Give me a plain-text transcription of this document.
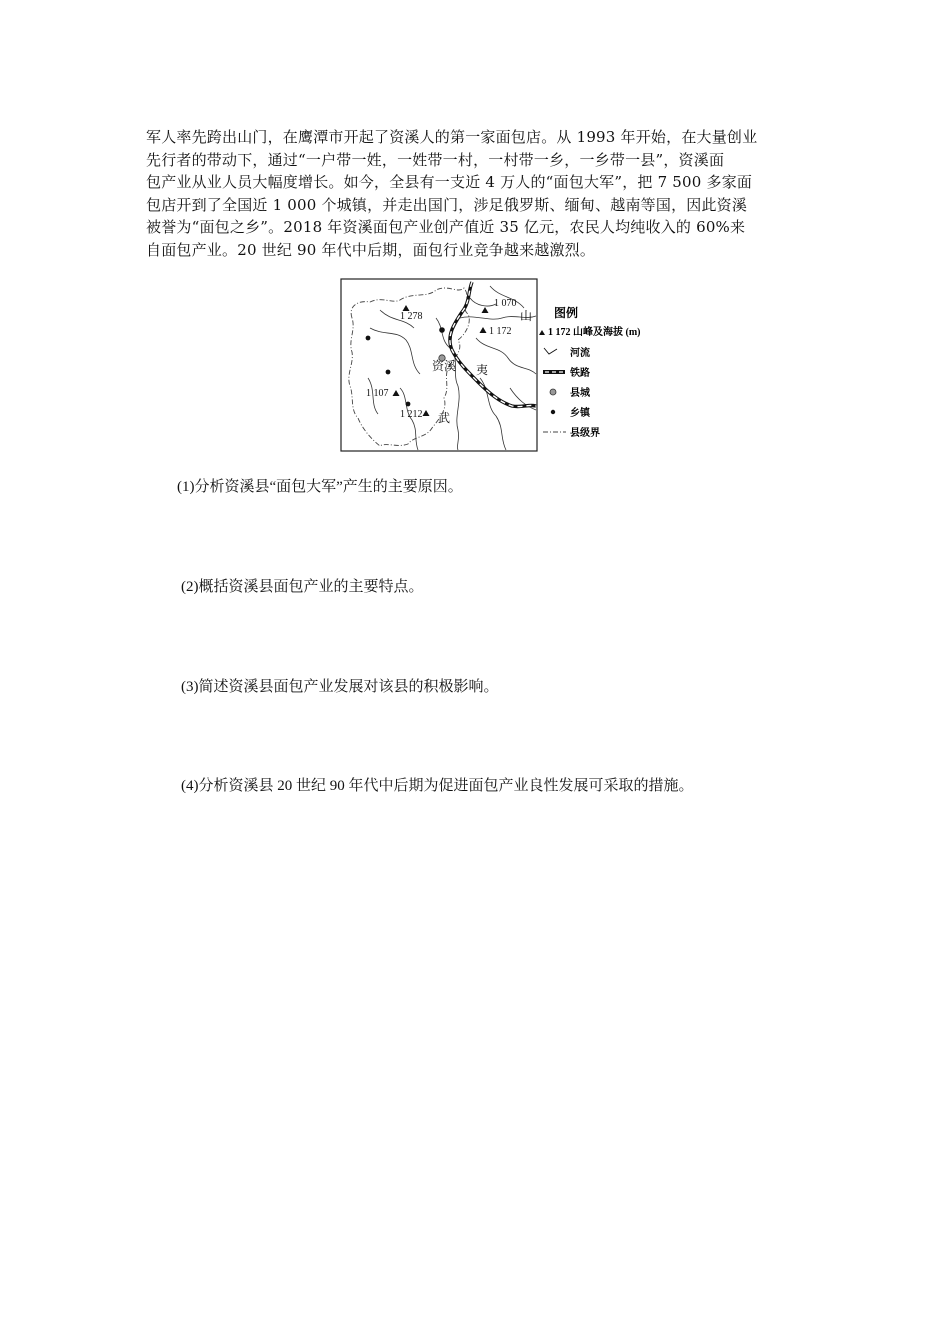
军人率先跨出山门，在鹰潭市开起了资溪人的第一家面包店。从 1993 年开始，在大量创业

先行者的带动下，通过“一户带一姓，一姓带一村，一村带一乡，一乡带一县”，资溪面

包产业从业人员大幅度增长。如今，全县有一支近 4 万人的“面包大军”，把 7 500 多家面

包店开到了全国近 1 000 个城镇，并走出国门，涉足俄罗斯、缅甸、越南等国，因此资溪

被誉为“面包之乡”。2018 年资溪面包产业创产值近 35 亿元，农民人均纯收入的 60%来

自面包产业。20 世纪 90 年代中后期，面包行业竞争越来越激烈。

1 278
1 070
1 172
1 107
1 212
资溪 夷
山
武
图例
1 172 山峰及海拔 (m)
河流
铁路
县城
乡镇
县级界
(1)分析资溪县“面包大军”产生的主要原因。
(2)概括资溪县面包产业的主要特点。
(3)简述资溪县面包产业发展对该县的积极影响。
(4)分析资溪县 20 世纪 90 年代中后期为促进面包产业良性发展可采取的措施。
